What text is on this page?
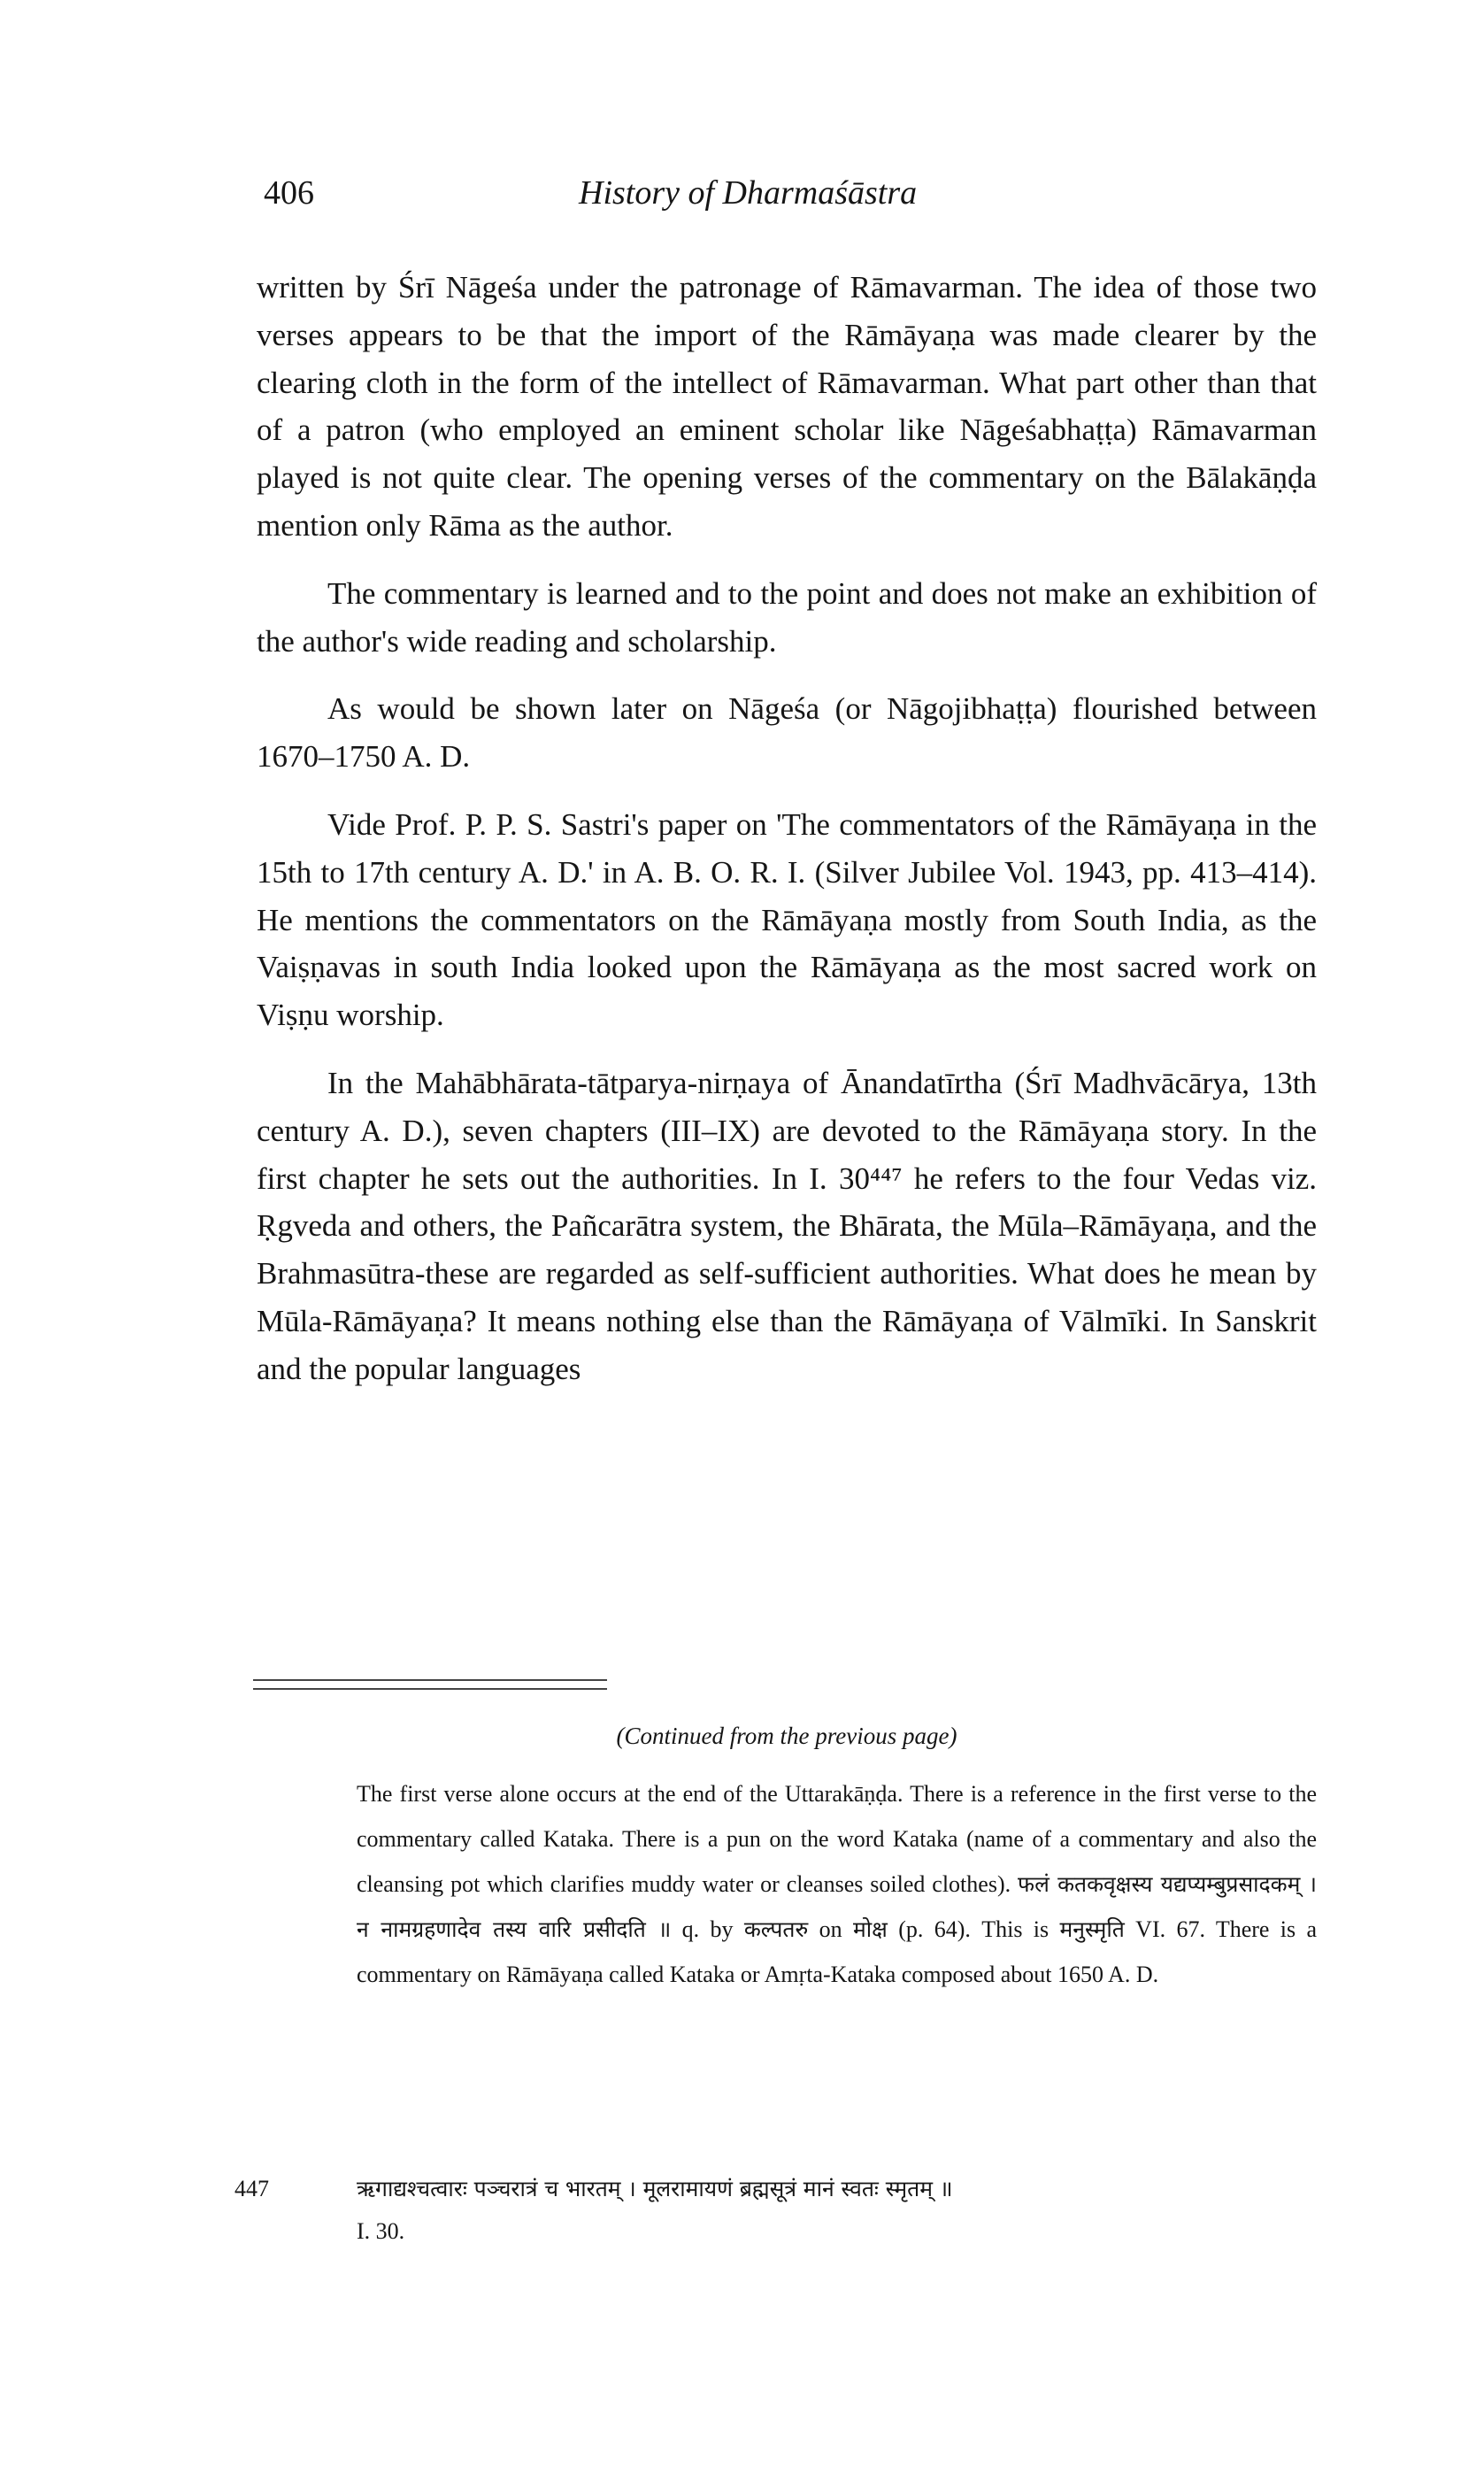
406	History of Dharmaśāstra

written by Śrī Nāgeśa under the patronage of Rāmavarman. The idea of those two verses appears to be that the import of the Rāmāyaṇa was made clearer by the clearing cloth in the form of the intellect of Rāmavarman. What part other than that of a patron (who employed an eminent scholar like Nāgeśabhaṭṭa) Rāmavarman played is not quite clear. The opening verses of the commentary on the Bālakāṇḍa mention only Rāma as the author.

The commentary is learned and to the point and does not make an exhibition of the author's wide reading and scholarship.

As would be shown later on Nāgeśa (or Nāgojibhaṭṭa) flourished between 1670–1750 A. D.

Vide Prof. P. P. S. Sastri's paper on 'The commentators of the Rāmāyaṇa in the 15th to 17th century A. D.' in A. B. O. R. I. (Silver Jubilee Vol. 1943, pp. 413–414). He mentions the commentators on the Rāmāyaṇa mostly from South India, as the Vaiṣṇavas in south India looked upon the Rāmāyaṇa as the most sacred work on Viṣṇu worship.

In the Mahābhārata-tātparya-nirṇaya of Ānandatīrtha (Śrī Madhvācārya, 13th century A. D.), seven chapters (III–IX) are devoted to the Rāmāyaṇa story. In the first chapter he sets out the authorities. In I. 30⁴⁴⁷ he refers to the four Vedas viz. Ṛgveda and others, the Pañcarātra system, the Bhārata, the Mūla–Rāmāyaṇa, and the Brahmasūtra-these are regarded as self-sufficient authorities. What does he mean by Mūla-Rāmāyaṇa? It means nothing else than the Rāmāyaṇa of Vālmīki. In Sanskrit and the popular languages

(Continued from the previous page)

The first verse alone occurs at the end of the Uttarakāṇḍa. There is a reference in the first verse to the commentary called Kataka. There is a pun on the word Kataka (name of a commentary and also the cleansing pot which clarifies muddy water or cleanses soiled clothes). फलं कतकवृक्षस्य यद्यप्यम्बुप्रसादकम् । न नामग्रहणादेव तस्य वारि प्रसीदति ॥ q. by कल्पतरु on मोक्ष (p. 64). This is मनुस्मृति VI. 67. There is a commentary on Rāmāyaṇa called Kataka or Amṛta-Kataka composed about 1650 A. D.

447	ऋगाद्यश्चत्वारः पञ्चरात्रं च भारतम् । मूलरामायणं ब्रह्मसूत्रं मानं स्वतः स्मृतम् ॥
I. 30.
